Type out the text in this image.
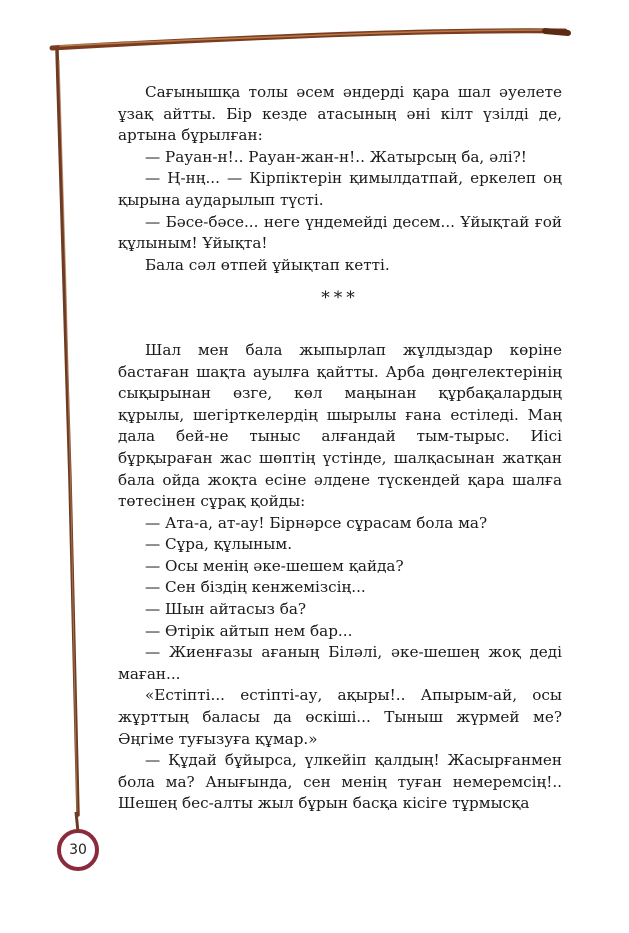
Сағынышқа толы әсем әндерді қара шал әуелете ұзақ айтты. Бір кезде атасының әні кілт үзілді де, артына бұрылған:

— Рауан-н!.. Рауан-жан-н!.. Жатырсың ба, әлі?!

— Ң-нң... — Кірпіктерін қимылдатпай, еркелеп оң қырына аударылып түсті.

— Бәсе-бәсе... неге үндемейді десем... Ұйықтай ғой құлыным! Ұйықта!

Бала сәл өтпей ұйықтап кетті.

***

Шал мен бала жыпырлап жұлдыздар көріне бастаған шақта ауылға қайтты. Арба дөңгелектерінің сықырынан өзге, көл маңынан құрбақалардың құрылы, шегірткелердің шырылы ғана естіледі. Маң дала бей-не тыныс алғандай тым-тырыс. Иісі бұрқыраған жас шөптің үстінде, шалқасынан жатқан бала ойда жоқта есіне әлдене түскендей қара шалға төтесінен сұрақ қойды:

— Ата-а, ат-ау! Бірнәрсе сұрасам бола ма?

— Сұра, құлыным.

— Осы менің әке-шешем қайда?

— Сен біздің кенжемізсің...

— Шын айтасыз ба?

— Өтірік айтып нем бар...

— Жиенғазы ағаның Біләлі, әке-шешең жоқ деді маған...

«Естіпті... естіпті-ау, ақыры!.. Апырым-ай, осы жұрттың баласы да өскіші... Тыныш жүрмей ме? Әңгіме туғызуға құмар.»

— Құдай бұйырса, үлкейіп қалдың! Жасырғанмен бола ма? Анығында, сен менің туған немеремсің!.. Шешең бес-алты жыл бұрын басқа кісіге тұрмысқа

30
